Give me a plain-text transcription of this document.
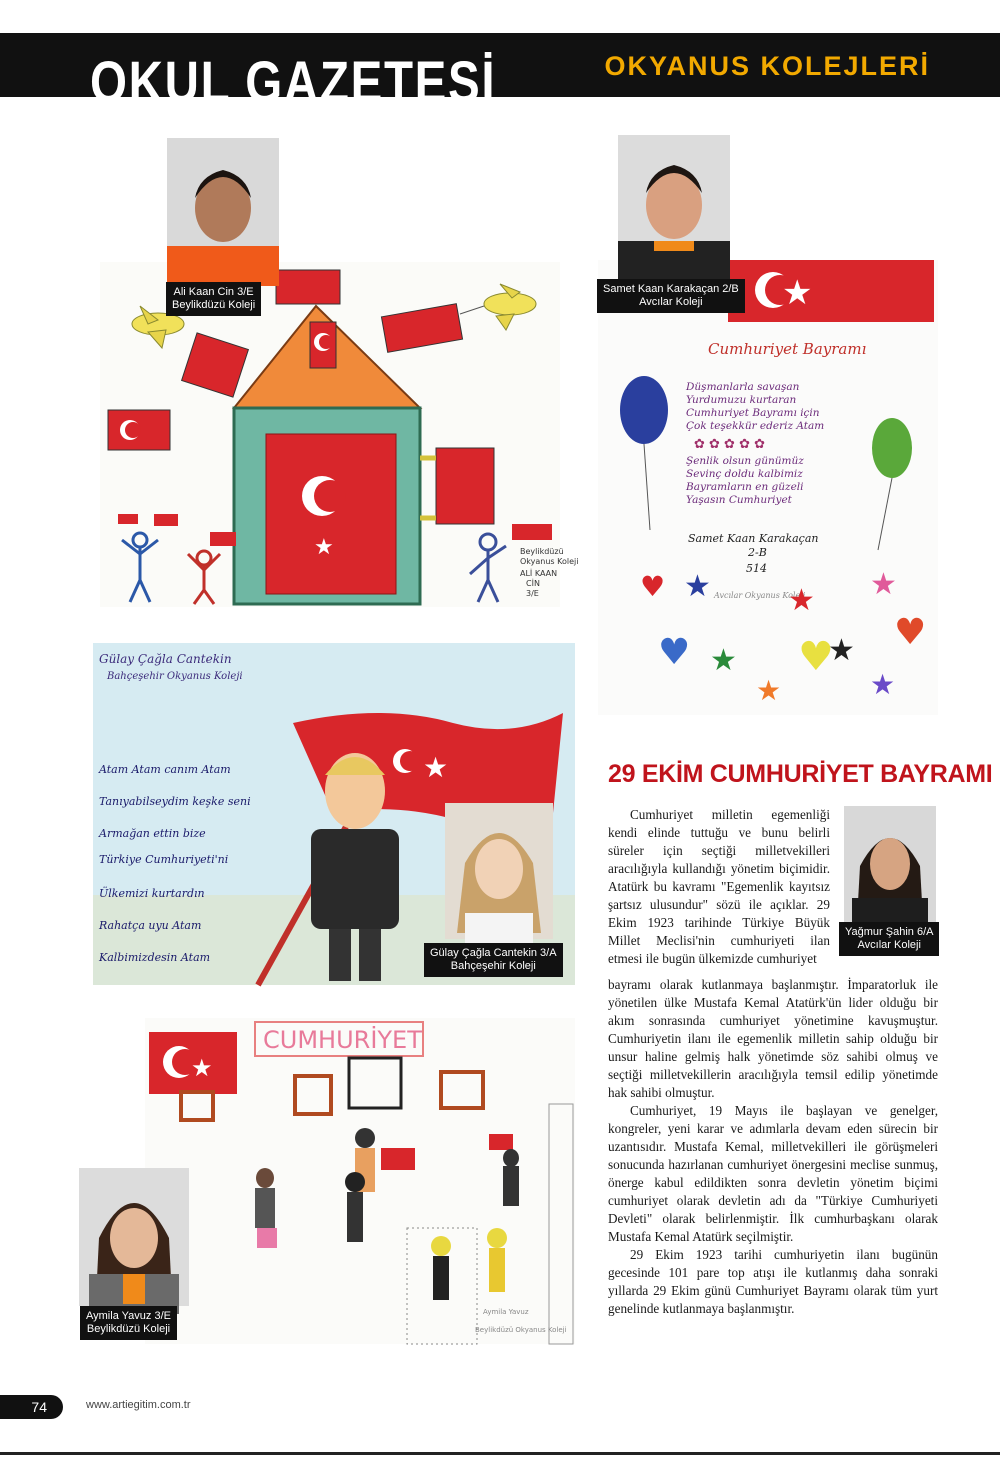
OKUL GAZETESİ	OKYANUS KOLEJLERİ
★	Beylikdüzü Okyanus Koleji ALİ KAAN CİN 3/E
Ali Kaan Cin 3/E
Beylikdüzü Koleji	★
Cumhuriyet Bayramı
Düşmanlarla savaşan
Yurdumuzu kurtaran
Cumhuriyet Bayramı için
Çok teşekkür ederiz Atam
Şenlik olsun günümüz
Sevinç doldu kalbimiz
Bayramların en güzeli
Yaşasın Cumhuriyet
✿ ✿ ✿ ✿ ✿
Samet Kaan Karakaçan
2-B
514
Avcılar Okyanus Koleji
♥ ★	★ ★
♥ ★ ♥
★ ♥
★	★
Samet Kaan Karakaçan 2/B
Avcılar Koleji
Gülay Çağla Cantekin
Bahçeşehir Okyanus Koleji
★
Atam Atam canım Atam
Tanıyabilseydim keşke seni
Armağan ettin bize
Türkiye Cumhuriyeti'ni
Ülkemizi kurtardın
Rahatça uyu Atam
Kalbimizdesin Atam	Gülay Çağla Cantekin 3/A
Bahçeşehir Koleji
★
CUMHURİYET
Aymila Yavuz
Beylikdüzü Okyanus Koleji
Aymila Yavuz 3/E
Beylikdüzü Koleji
29 EKİM CUMHURİYET BAYRAMI
Yağmur Şahin 6/A
Avcılar Koleji

Cumhuriyet milletin egemenliği kendi elinde tuttuğu ve bunu belirli süreler için seçtiği milletvekilleri aracılığıyla kullandığı yönetim biçimidir. Atatürk bu kavramı "Egemenlik kayıtsız şartsız ulusundur" sözü ile açıklar. 29 Ekim 1923 tarihinde Türkiye Büyük Millet Meclisi'nin cumhuriyeti ilan etmesi ile bugün ülkemizde cumhuriyet

bayramı olarak kutlanmaya başlanmıştır. İmparatorluk ile yönetilen ülke Mustafa Kemal Atatürk'ün lider olduğu bir akım sonrasında cumhuriyet yönetimine kavuşmuştur. Cumhuriyetin ilanı ile egemenlik milletin sahip olduğu bir unsur haline gelmiş halk yönetimde söz sahibi olmuş ve seçtiği milletvekillerin aracılığıyla temsil edilip yönetimde hak sahibi olmuştur.

Cumhuriyet, 19 Mayıs ile başlayan ve genelger, kongreler, yeni karar ve adımlarla devam eden sürecin bir uzantısıdır. Mustafa Kemal, milletvekilleri ile görüşmeleri sonucunda hazırlanan cumhuriyet önergesini meclise sunmuş, önerge kabul edildikten sonra devletin yönetim biçimi cumhuriyet olarak devletin adı da "Türkiye Cumhuriyeti Devleti" olarak belirlenmiştir. İlk cumhurbaşkanı olarak Mustafa Kemal Atatürk seçilmiştir.

29 Ekim 1923 tarihi cumhuriyetin ilanı bugünün gecesinde 101 pare top atışı ile kutlanmış daha sonraki yıllarda 29 Ekim günü Cumhuriyet Bayramı olarak tüm yurt genelinde kutlanmaya başlanmıştır.

74	www.artiegitim.com.tr
